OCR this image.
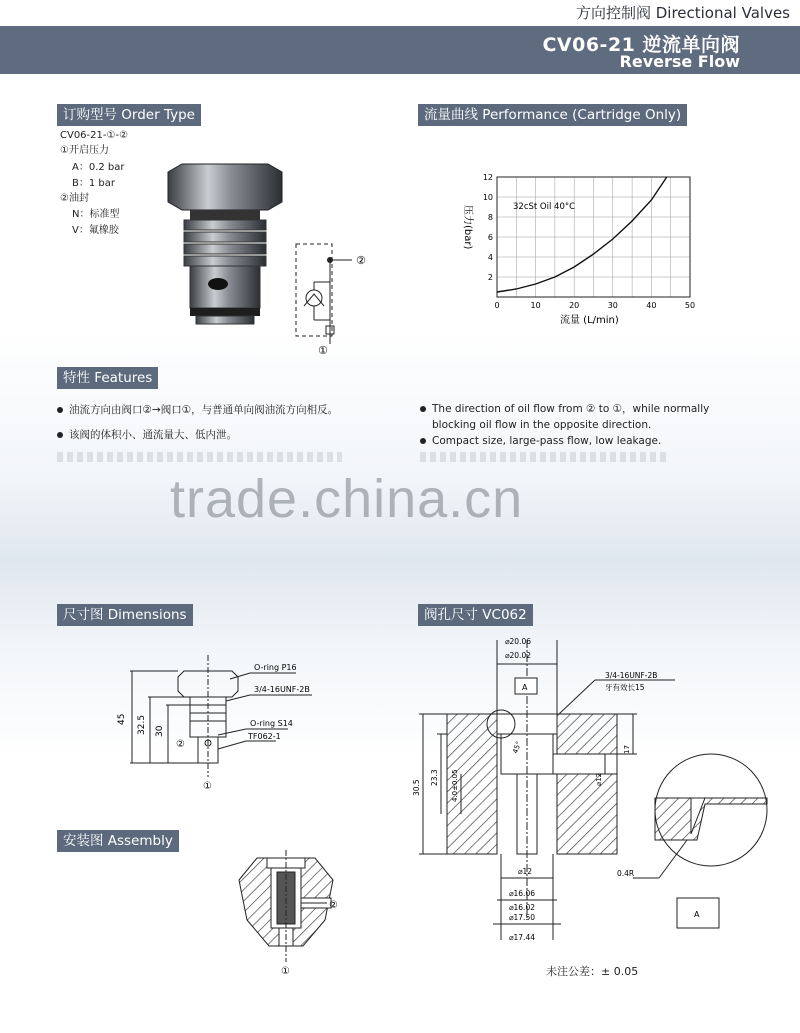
方向控制阀 Directional Valves
CV06-21 逆流单向阀
Reverse Flow
订购型号 Order Type
CV06-21-①-②
①开启压力
A：0.2 bar
B：1 bar
②油封
N：标准型
V：氟橡胶
②
①
流量曲线 Performance (Cartridge Only)
12
10
8
6
4
2
0	10	20	30	40	50
32cSt Oil 40°C
压力(bar)
流量 (L/min)
特性 Features
油流方向由阀口②→阀口①，与普通单向阀油流方向相反。
该阀的体积小、通流量大、低内泄。
The direction of oil flow from ② to ①，while normally blocking oil flow in the opposite direction.
Compact size, large-pass flow, low leakage.
trade.china.cn
尺寸图 Dimensions
45 32.5 30
O-ring P16
3/4-16UNF-2B
O-ring S14
TF062-1
②
①
阀孔尺寸 VC062
⌀20.06
⌀20.02
3/4-16UNF-2B
牙有效长15
A
45°	17
⌀12
30.5
23.3 4.0±0.05
⌀12
⌀16.06
⌀16.02
⌀17.50
⌀17.44
0.4R
A
未注公差：± 0.05
安装图 Assembly
②
①
